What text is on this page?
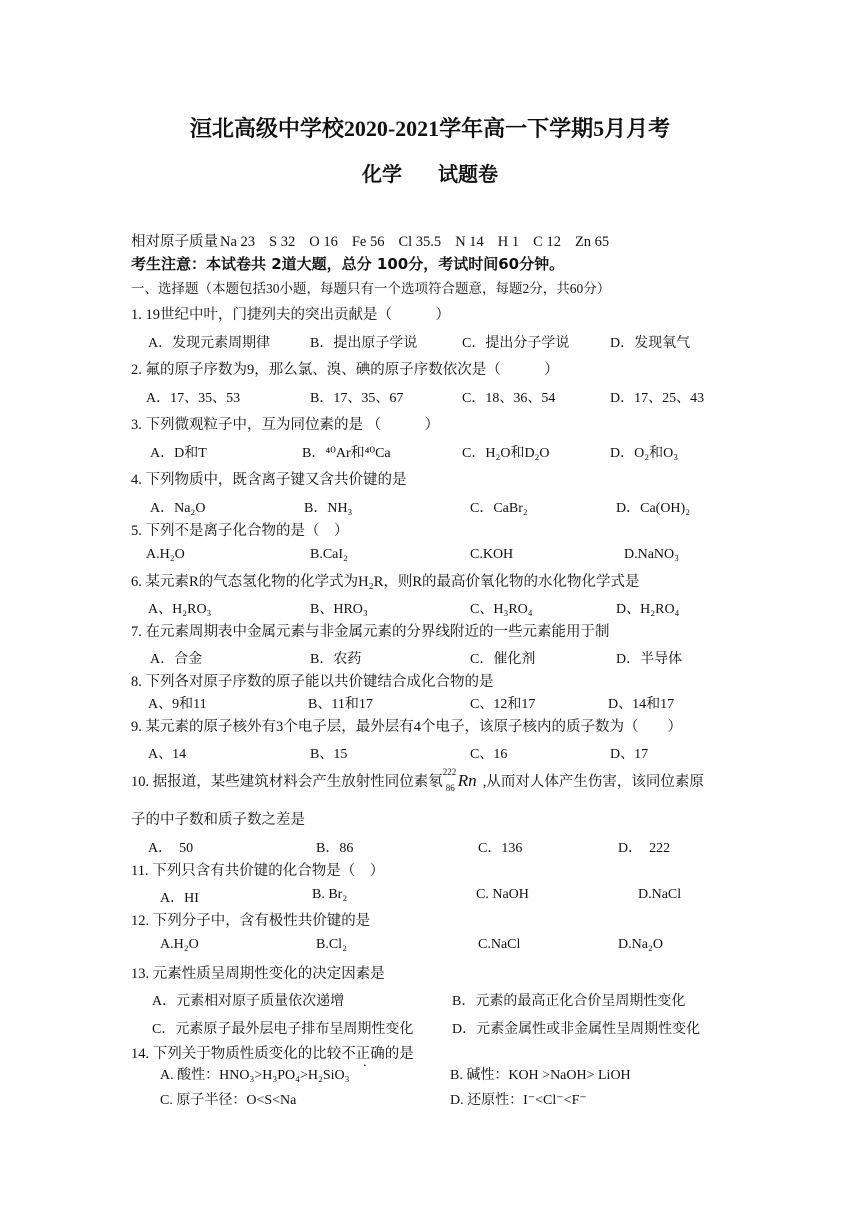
洹北高级中学校2020-2021学年高一下学期5月月考
化学 试题卷
相对原子质量 Na 23 S 32 O 16 Fe 56 Cl 35.5 N 14 H 1 C 12 Zn 65
考生注意：本试卷共 2道大题，总分 100分，考试时间60分钟。
一、选择题（本题包括30小题，每题只有一个选项符合题意，每题2分，共60分）
1. 19世纪中叶，门捷列夫的突出贡献是（　　　）
A．发现元素周期律	B．提出原子学说	C．提出分子学说	D．发现氧气
2. 氟的原子序数为9，那么氯、溴、碘的原子序数依次是（　　　）
A．17、35、53	B．17、35、67	C．18、36、54	D．17、25、43
3. 下列微观粒子中，互为同位素的是 （　　　）
A．D和T	B．⁴⁰Ar和⁴⁰Ca	C．H₂O和D₂O	D．O₂和O₃
4. 下列物质中，既含离子键又含共价键的是
A．Na₂O	B．NH₃	C．CaBr₂	D．Ca(OH)₂
5. 下列不是离子化合物的是（　）
A.H₂O	B.CaI₂	C.KOH	D.NaNO₃
6. 某元素R的气态氢化物的化学式为H₂R，则R的最高价氧化物的水化物化学式是
A、H₂RO₃	B、HRO₃	C、H₃RO₄	D、H₂RO₄
7. 在元素周期表中金属元素与非金属元素的分界线附近的一些元素能用于制
A．合金	B．农药	C．催化剂	D．半导体
8. 下列各对原子序数的原子能以共价键结合成化合物的是
A、9和11	B、11和17	C、12和17	D、14和17
9. 某元素的原子核外有3个电子层，最外层有4个电子，该原子核内的质子数为（　　）
A、14	B、15	C、16	D、17
10. 据报道，某些建筑材料会产生放射性同位素氡
222
86 Rn ,从而对人体产生伤害，该同位素原
子的中子数和质子数之差是
A．　50	B．86	C．136	D．　222
11. 下列只含有共价键的化合物是（　）
A．HI	B. Br₂	C. NaOH	D.NaCl
12. 下列分子中，含有极性共价键的是
A.H₂O	B.Cl₂	C.NaCl	D.Na₂O
13. 元素性质呈周期性变化的决定因素是
A．元素相对原子质量依次递增	B．元素的最高正化合价呈周期性变化
C．元素原子最外层电子排布呈周期性变化	D．元素金属性或非金属性呈周期性变化
14. 下列关于物质性质变化的比较不正确的是
A. 酸性：HNO₃>H₃PO₄>H₂SiO₃	B. 碱性：KOH >NaOH> LiOH
C. 原子半径：O<S<Na	D. 还原性：I⁻<Cl⁻<F⁻
